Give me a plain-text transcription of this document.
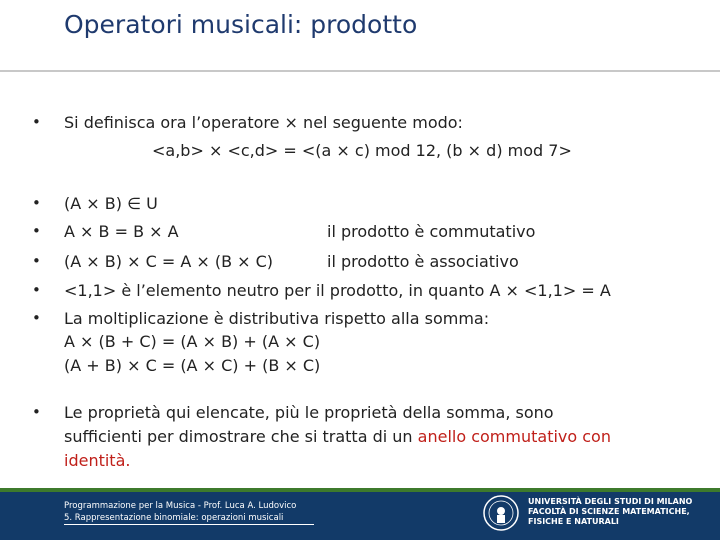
Operatori musicali: prodotto
• Si definisca ora l’operatore × nel seguente modo:
<a,b> × <c,d> = <(a × c) mod 12, (b × d) mod 7>
• (A × B) ∈ U
• A × B = B × A	il prodotto è commutativo
• (A × B) × C = A × (B × C)	il prodotto è associativo
• <1,1> è l’elemento neutro per il prodotto, in quanto A × <1,1> = A
• La moltiplicazione è distributiva rispetto alla somma:
A × (B + C) = (A × B) + (A × C)
(A + B) × C = (A × C) + (B × C)
• Le proprietà qui elencate, più le proprietà della somma, sono
sufficienti per dimostrare che si tratta di un anello commutativo con
identità.
Programmazione per la Musica - Prof. Luca A. Ludovico
5. Rappresentazione binomiale: operazioni musicali
UNIVERSITÀ DEGLI STUDI DI MILANO
FACOLTÀ DI SCIENZE MATEMATICHE,
FISICHE E NATURALI
